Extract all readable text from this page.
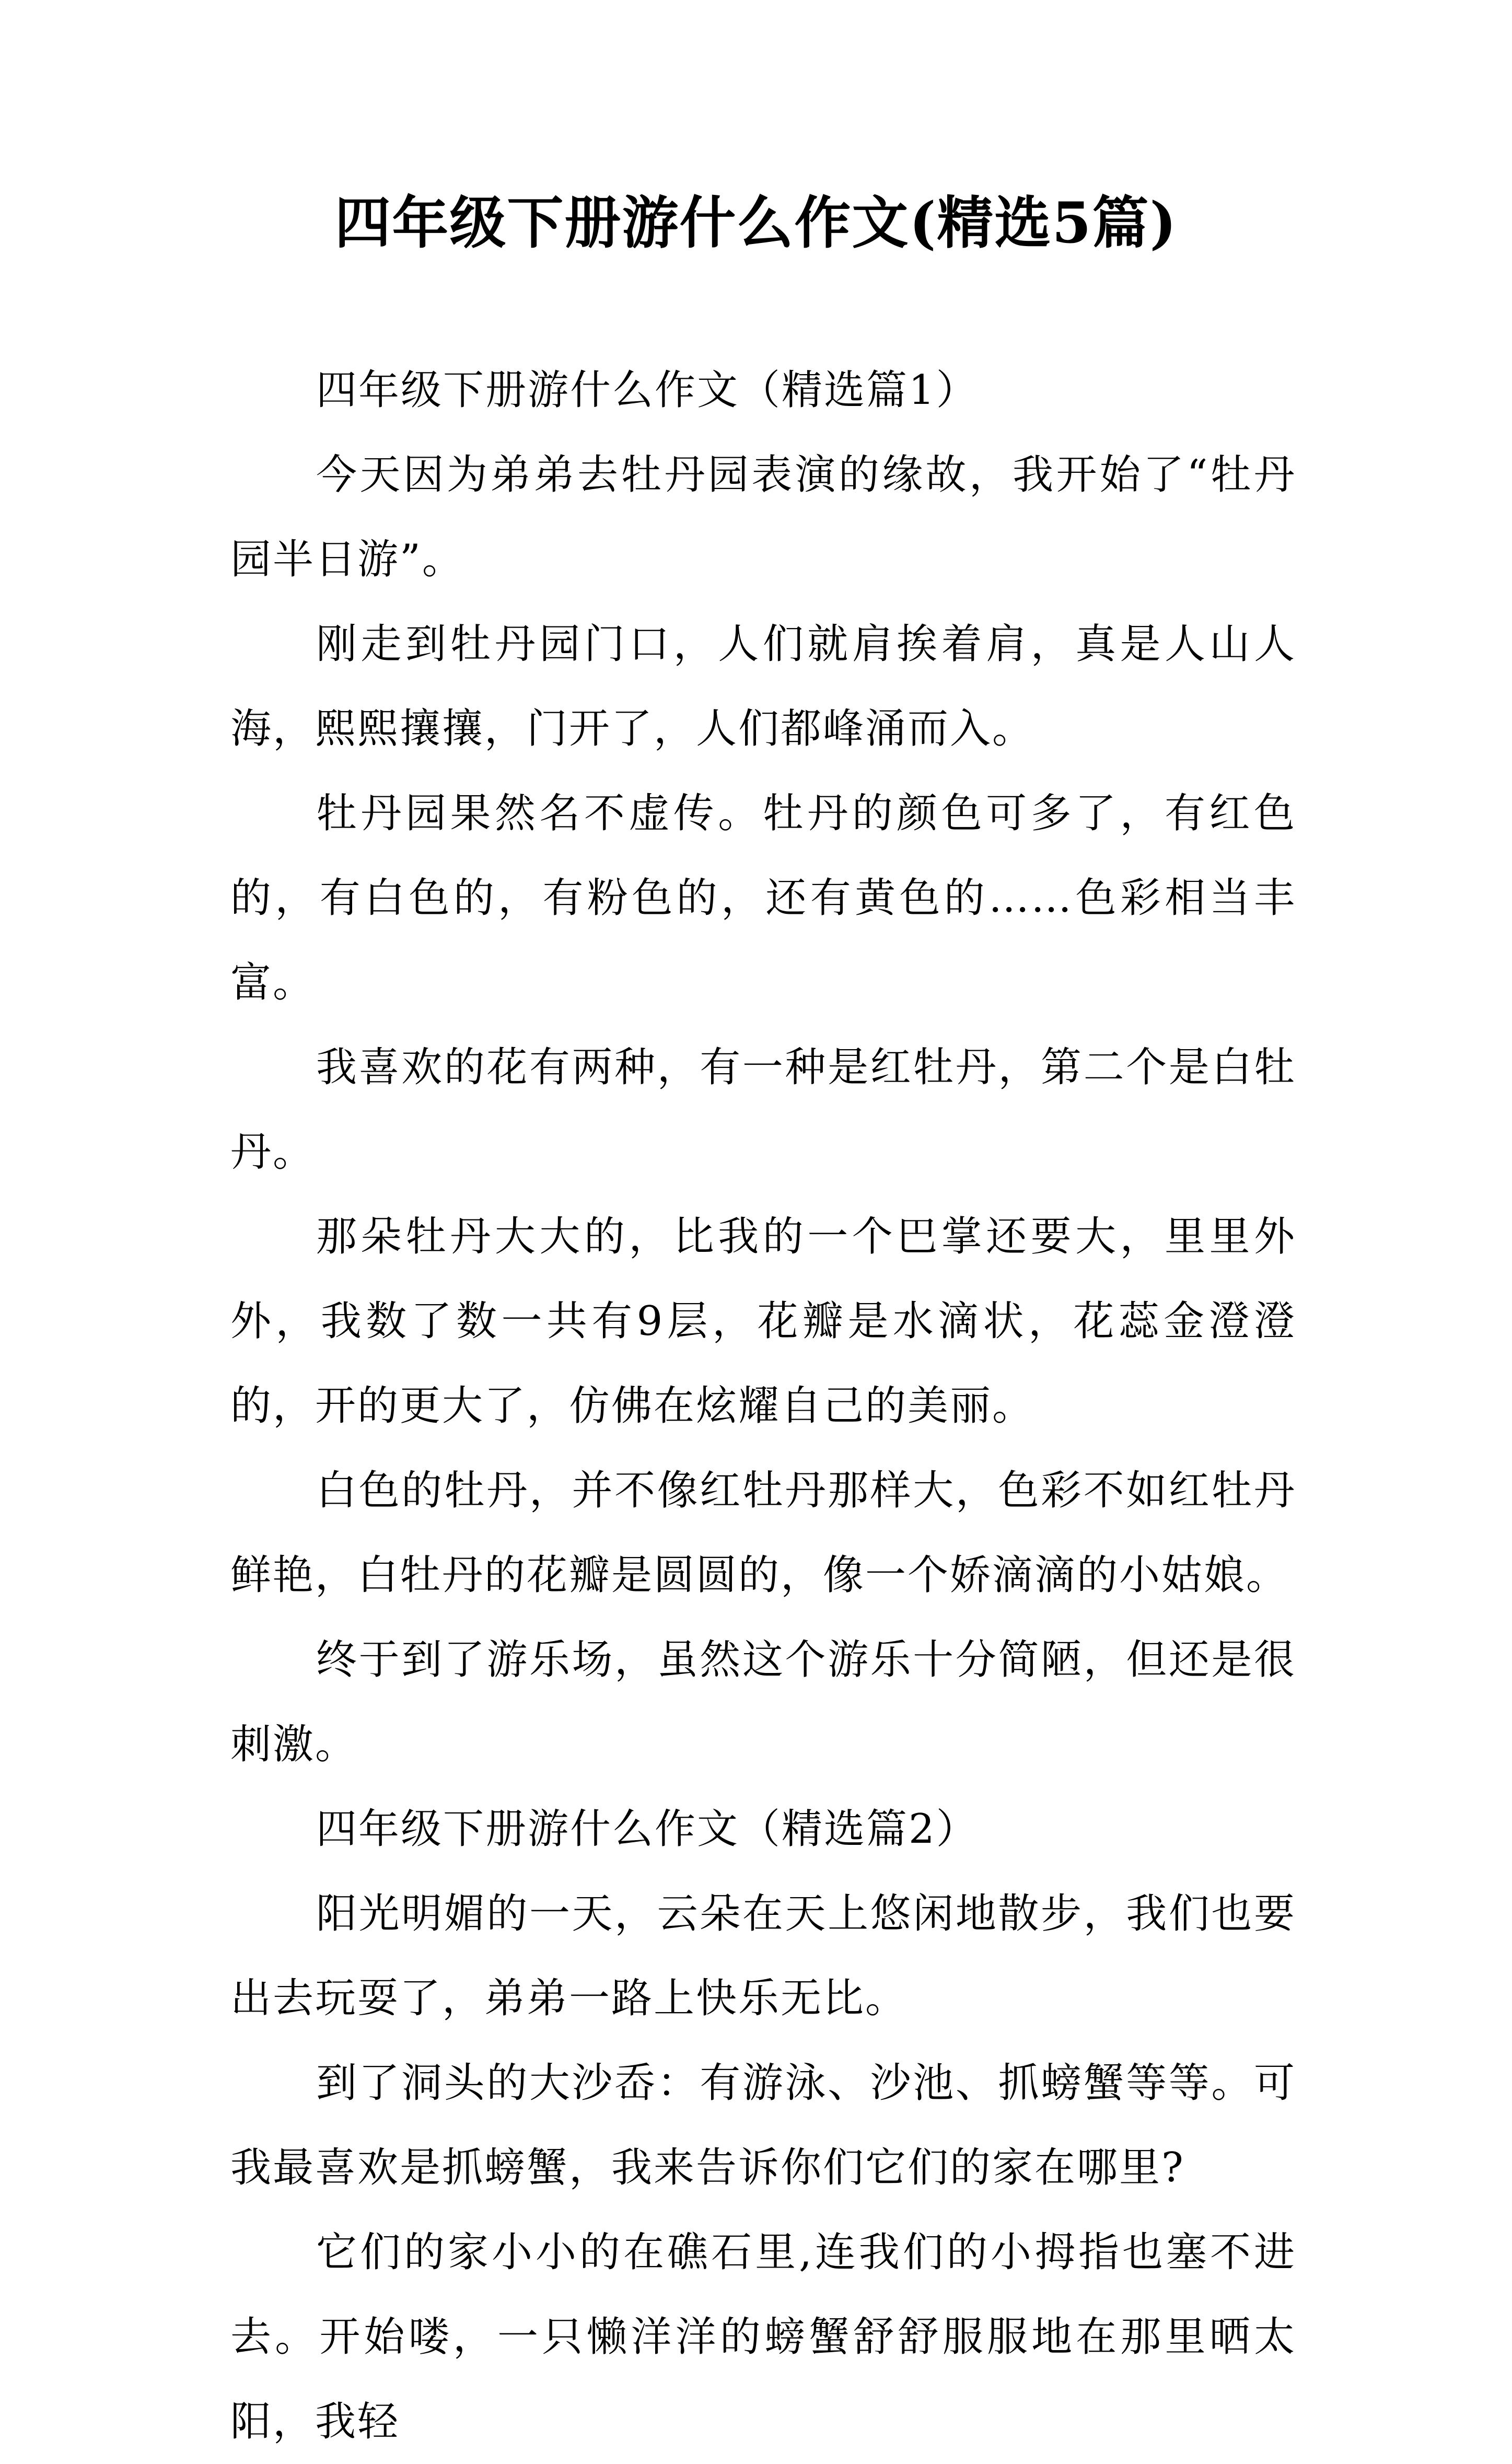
四年级下册游什么作文(精选5篇)

四年级下册游什么作文（精选篇1）

今天因为弟弟去牡丹园表演的缘故，我开始了“牡丹园半日游”。

刚走到牡丹园门口，人们就肩挨着肩，真是人山人海，熙熙攘攘，门开了，人们都峰涌而入。

牡丹园果然名不虚传。牡丹的颜色可多了，有红色的，有白色的，有粉色的，还有黄色的……色彩相当丰富。

我喜欢的花有两种，有一种是红牡丹，第二个是白牡丹。

那朵牡丹大大的，比我的一个巴掌还要大，里里外外，我数了数一共有9层，花瓣是水滴状，花蕊金澄澄的，开的更大了，仿佛在炫耀自己的美丽。

白色的牡丹，并不像红牡丹那样大，色彩不如红牡丹鲜艳，白牡丹的花瓣是圆圆的，像一个娇滴滴的小姑娘。

终于到了游乐场，虽然这个游乐十分简陋，但还是很刺激。

四年级下册游什么作文（精选篇2）

阳光明媚的一天，云朵在天上悠闲地散步，我们也要出去玩耍了，弟弟一路上快乐无比。

到了洞头的大沙岙：有游泳、沙池、抓螃蟹等等。可我最喜欢是抓螃蟹，我来告诉你们它们的家在哪里?

它们的家小小的在礁石里,连我们的小拇指也塞不进去。开始喽，一只懒洋洋的螃蟹舒舒服服地在那里晒太阳，我轻
